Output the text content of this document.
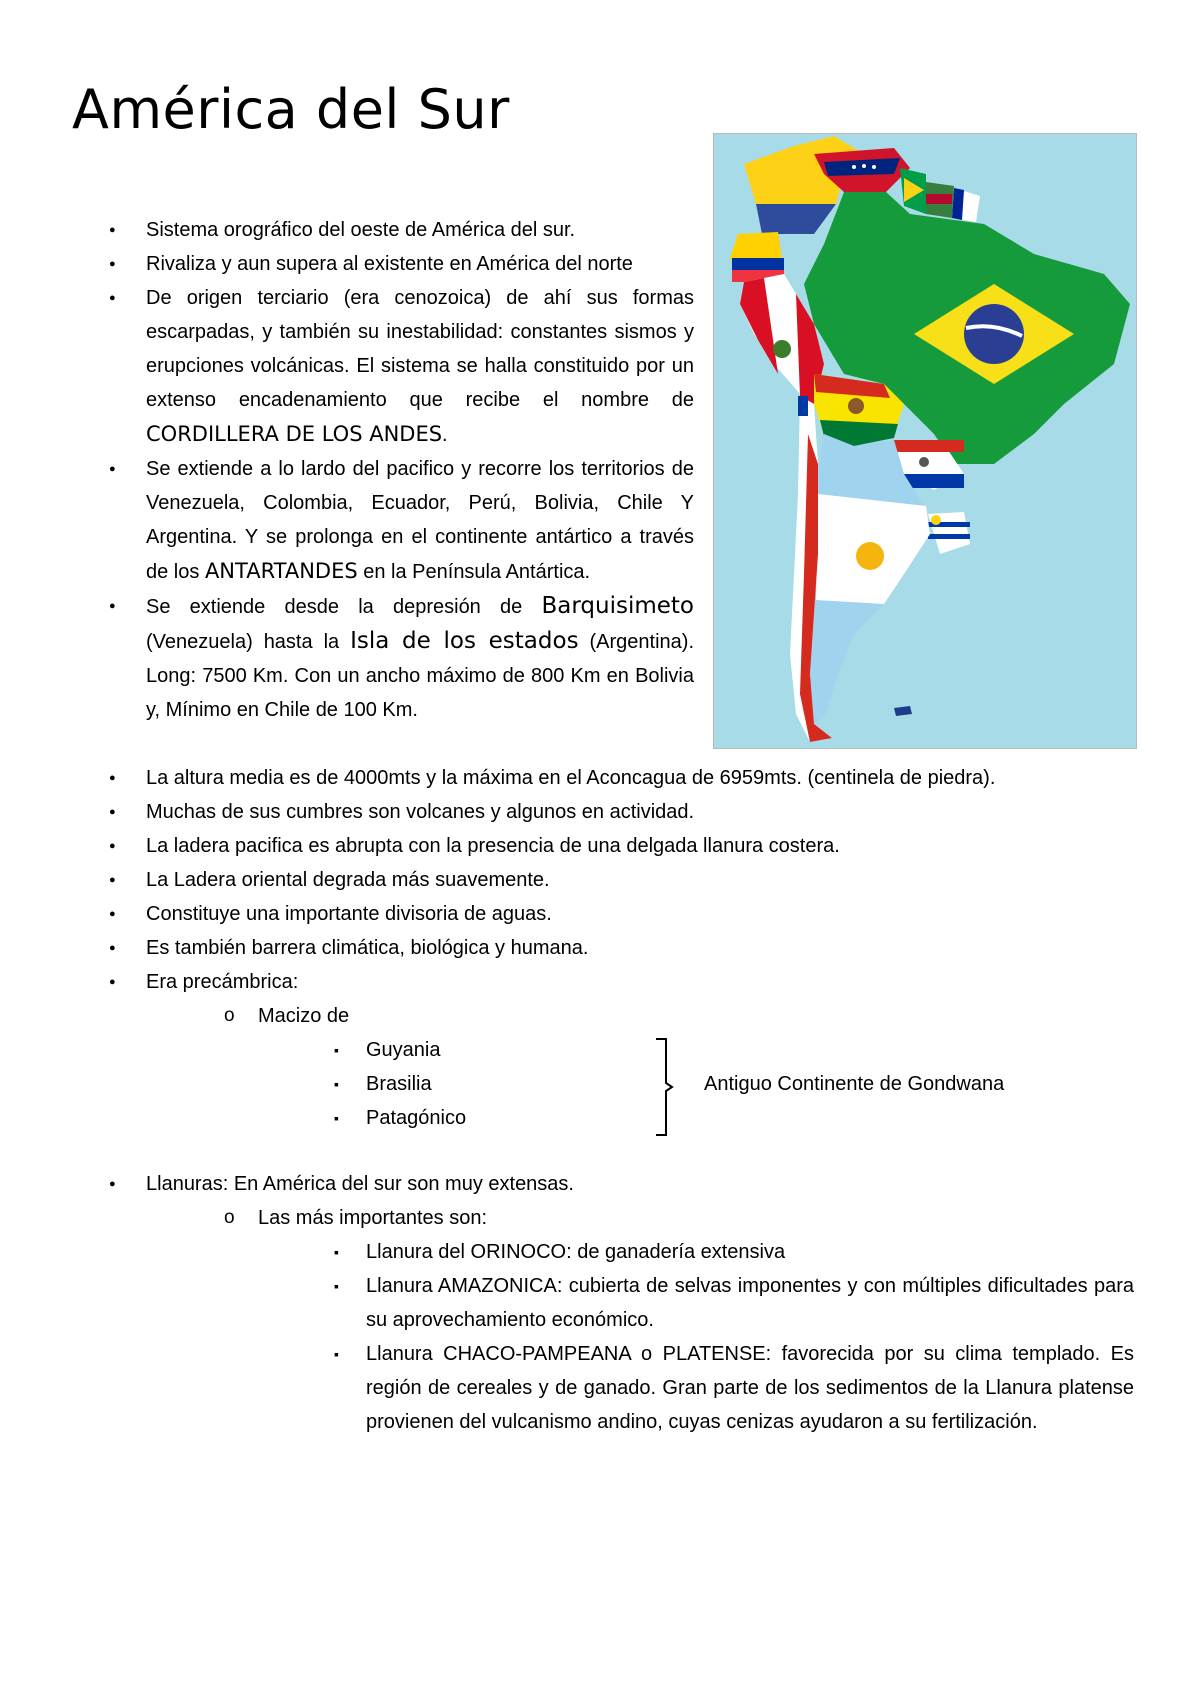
América del Sur
● Sistema orográfico del oeste de América del sur.
● Rivaliza y aun supera al existente en América del norte
● De origen terciario (era cenozoica) de ahí sus formas escarpadas, y también su inestabilidad: constantes sismos y erupciones volcánicas. El sistema se halla constituido por un extenso encadenamiento que recibe el nombre de CORDILLERA DE LOS ANDES.
● Se extiende a lo lardo del pacifico y recorre los territorios de Venezuela, Colombia, Ecuador, Perú, Bolivia, Chile Y Argentina. Y se prolonga en el continente antártico a través de los ANTARTANDES en la Península Antártica.
● Se extiende desde la depresión de Barquisimeto (Venezuela) hasta la Isla de los estados (Argentina). Long: 7500 Km. Con un ancho máximo de 800 Km en Bolivia y, Mínimo en Chile de 100 Km.
● La altura media es de 4000mts y la máxima en el Aconcagua de 6959mts. (centinela de piedra).
● Muchas de sus cumbres son volcanes y algunos en actividad.
● La ladera pacifica es abrupta con la presencia de una delgada llanura costera.
● La Ladera oriental degrada más suavemente.
● Constituye una importante divisoria de aguas.
● Es también barrera climática, biológica y humana.
● Era precámbrica:
o Macizo de
▪ Guyania
▪ Brasilia
▪ Patagónico
Antiguo Continente de Gondwana
● Llanuras: En América del sur son muy extensas.
o Las más importantes son:
▪ Llanura del ORINOCO: de ganadería extensiva
▪ Llanura AMAZONICA: cubierta de selvas imponentes y con múltiples dificultades para su aprovechamiento económico.
▪ Llanura CHACO-PAMPEANA o PLATENSE: favorecida por su clima templado. Es región de cereales y de ganado. Gran parte de los sedimentos de la Llanura platense provienen del vulcanismo andino, cuyas cenizas ayudaron a su fertilización.
